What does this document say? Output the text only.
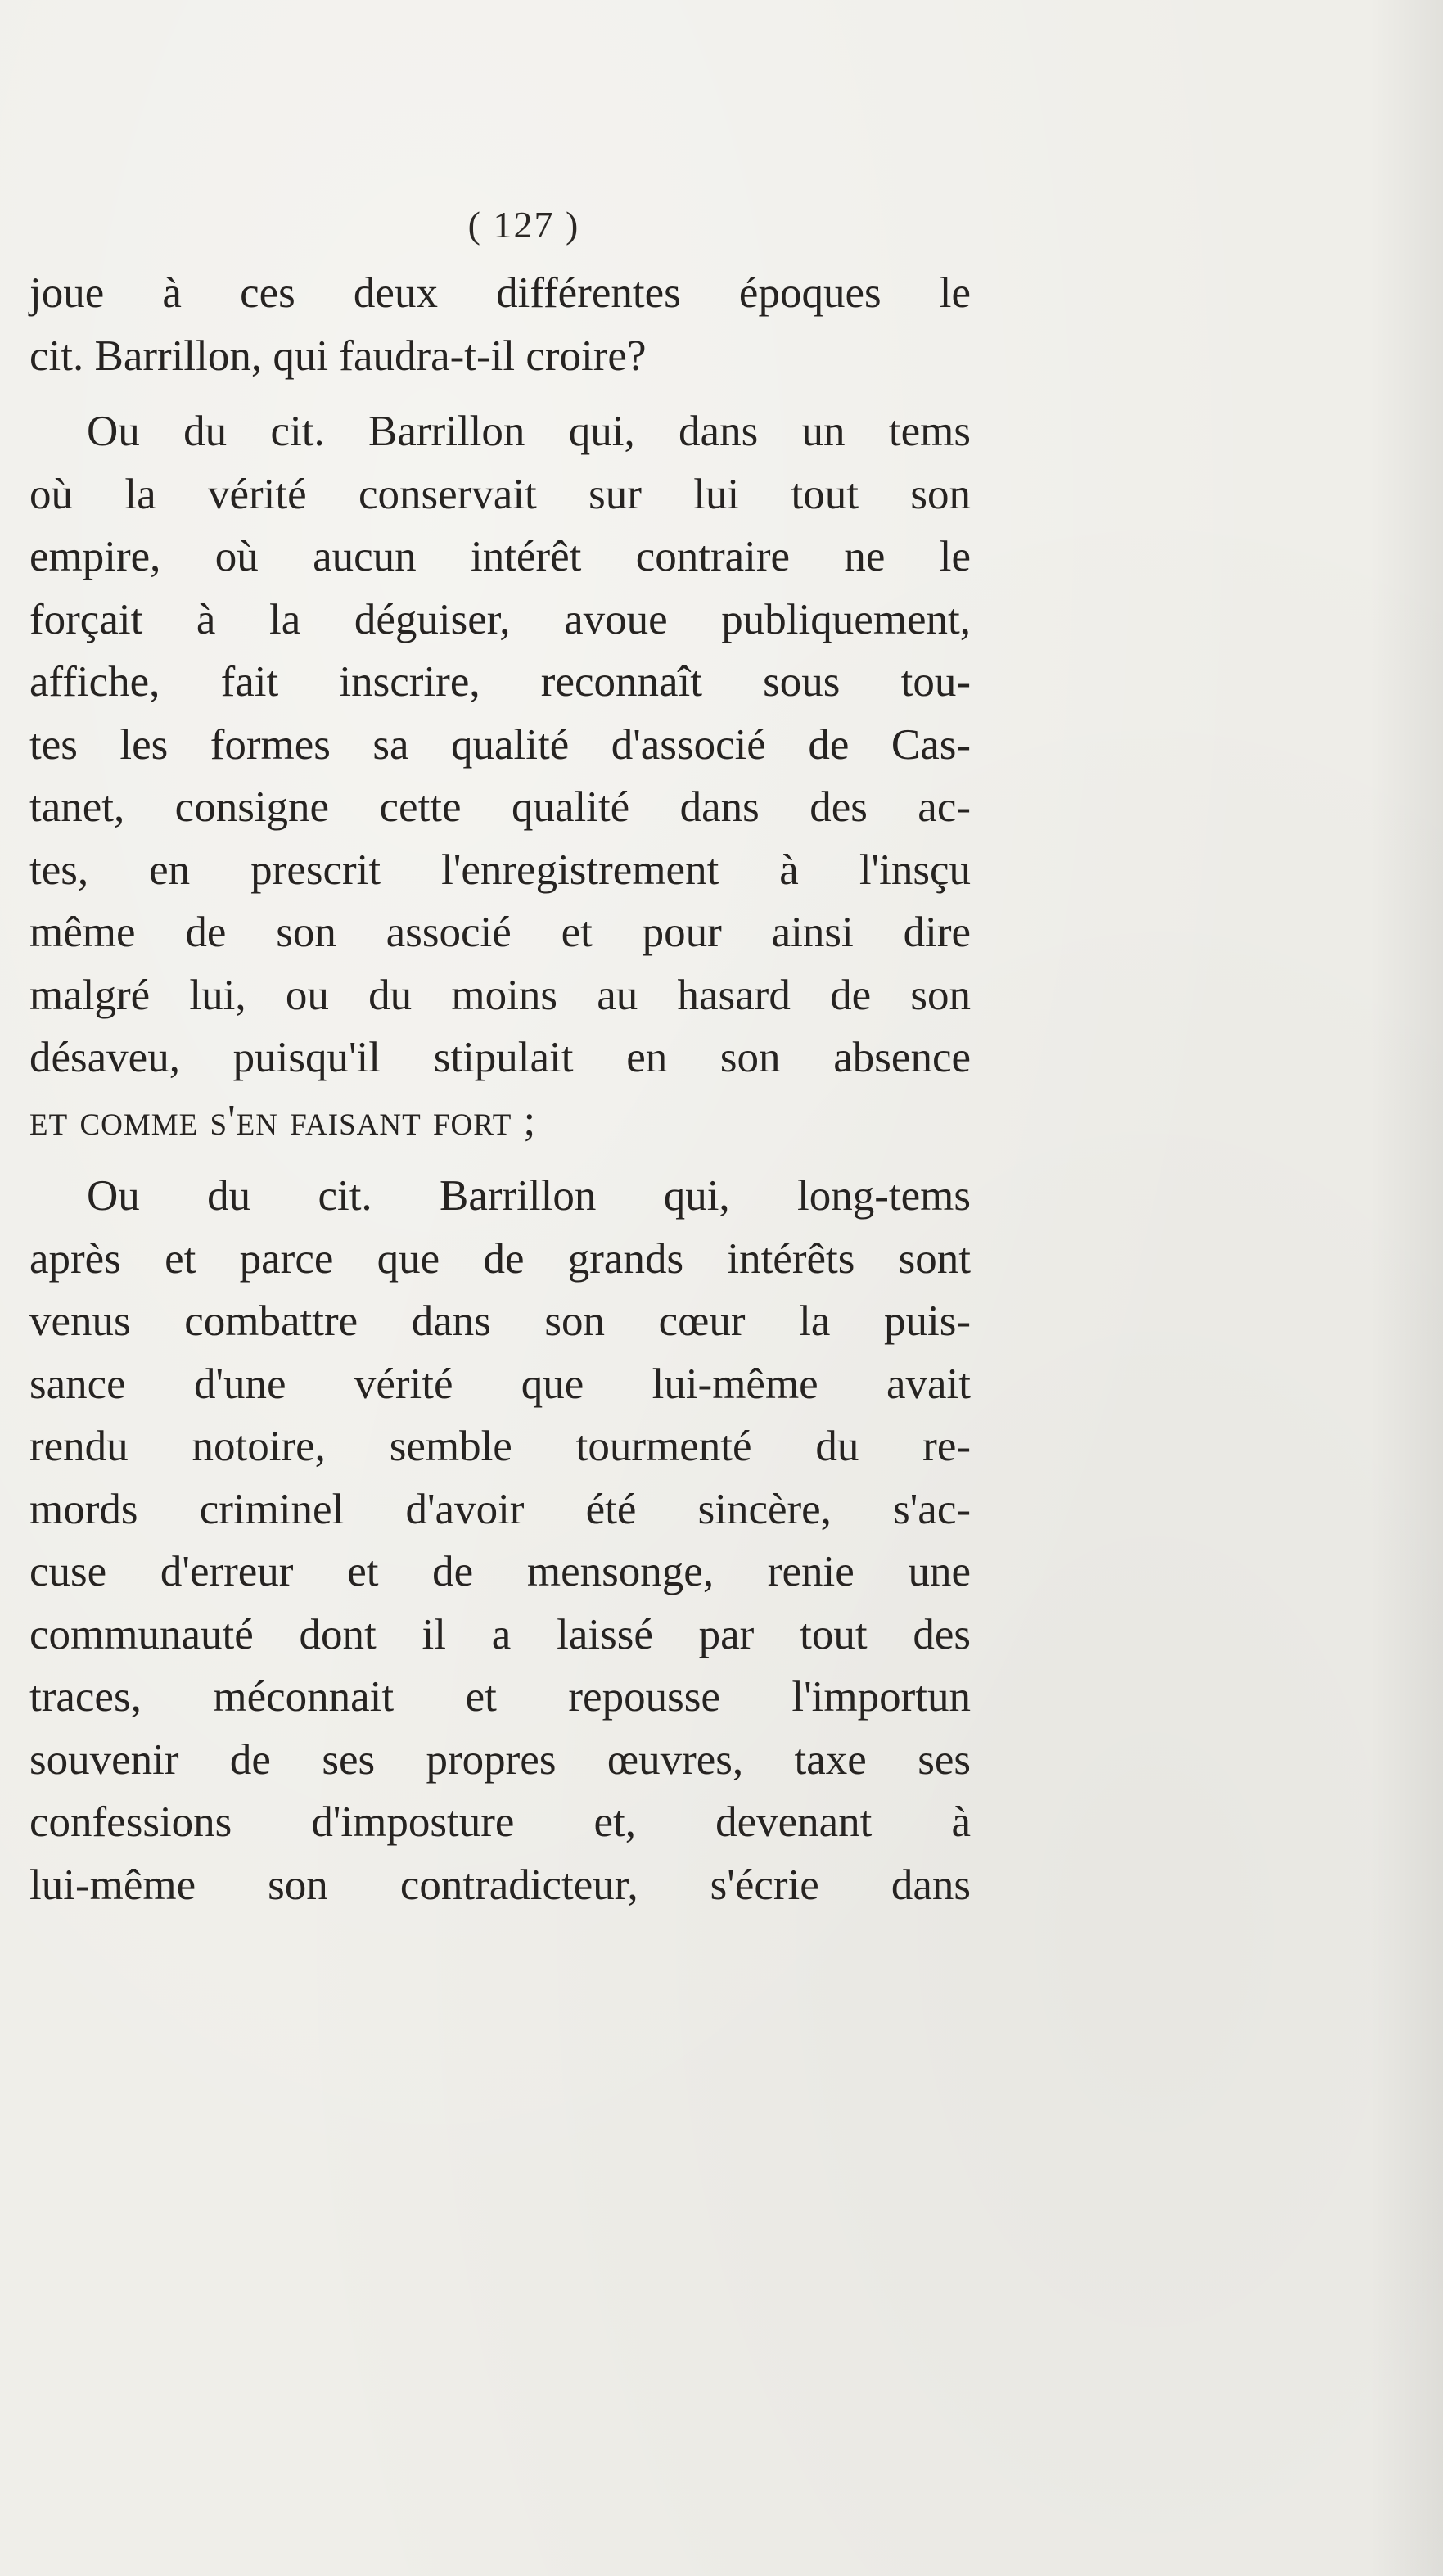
( 127 )

joue à ces deux différentes époques le
cit. Barrillon, qui faudra-t-il croire?

Ou du cit. Barrillon qui, dans un tems
où la vérité conservait sur lui tout son
empire, où aucun intérêt contraire ne le
forçait à la déguiser, avoue publiquement,
affiche, fait inscrire, reconnaît sous tou-
tes les formes sa qualité d'associé de Cas-
tanet, consigne cette qualité dans des ac-
tes, en prescrit l'enregistrement à l'insçu
même de son associé et pour ainsi dire
malgré lui, ou du moins au hasard de son
désaveu, puisqu'il stipulait en son absence
et comme s'en faisant fort ;

Ou du cit. Barrillon qui, long-tems
après et parce que de grands intérêts sont
venus combattre dans son cœur la puis-
sance d'une vérité que lui-même avait
rendu notoire, semble tourmenté du re-
mords criminel d'avoir été sincère, s'ac-
cuse d'erreur et de mensonge, renie une
communauté dont il a laissé par tout des
traces, méconnait et repousse l'importun
souvenir de ses propres œuvres, taxe ses
confessions d'imposture et, devenant à
lui-même son contradicteur, s'écrie dans
